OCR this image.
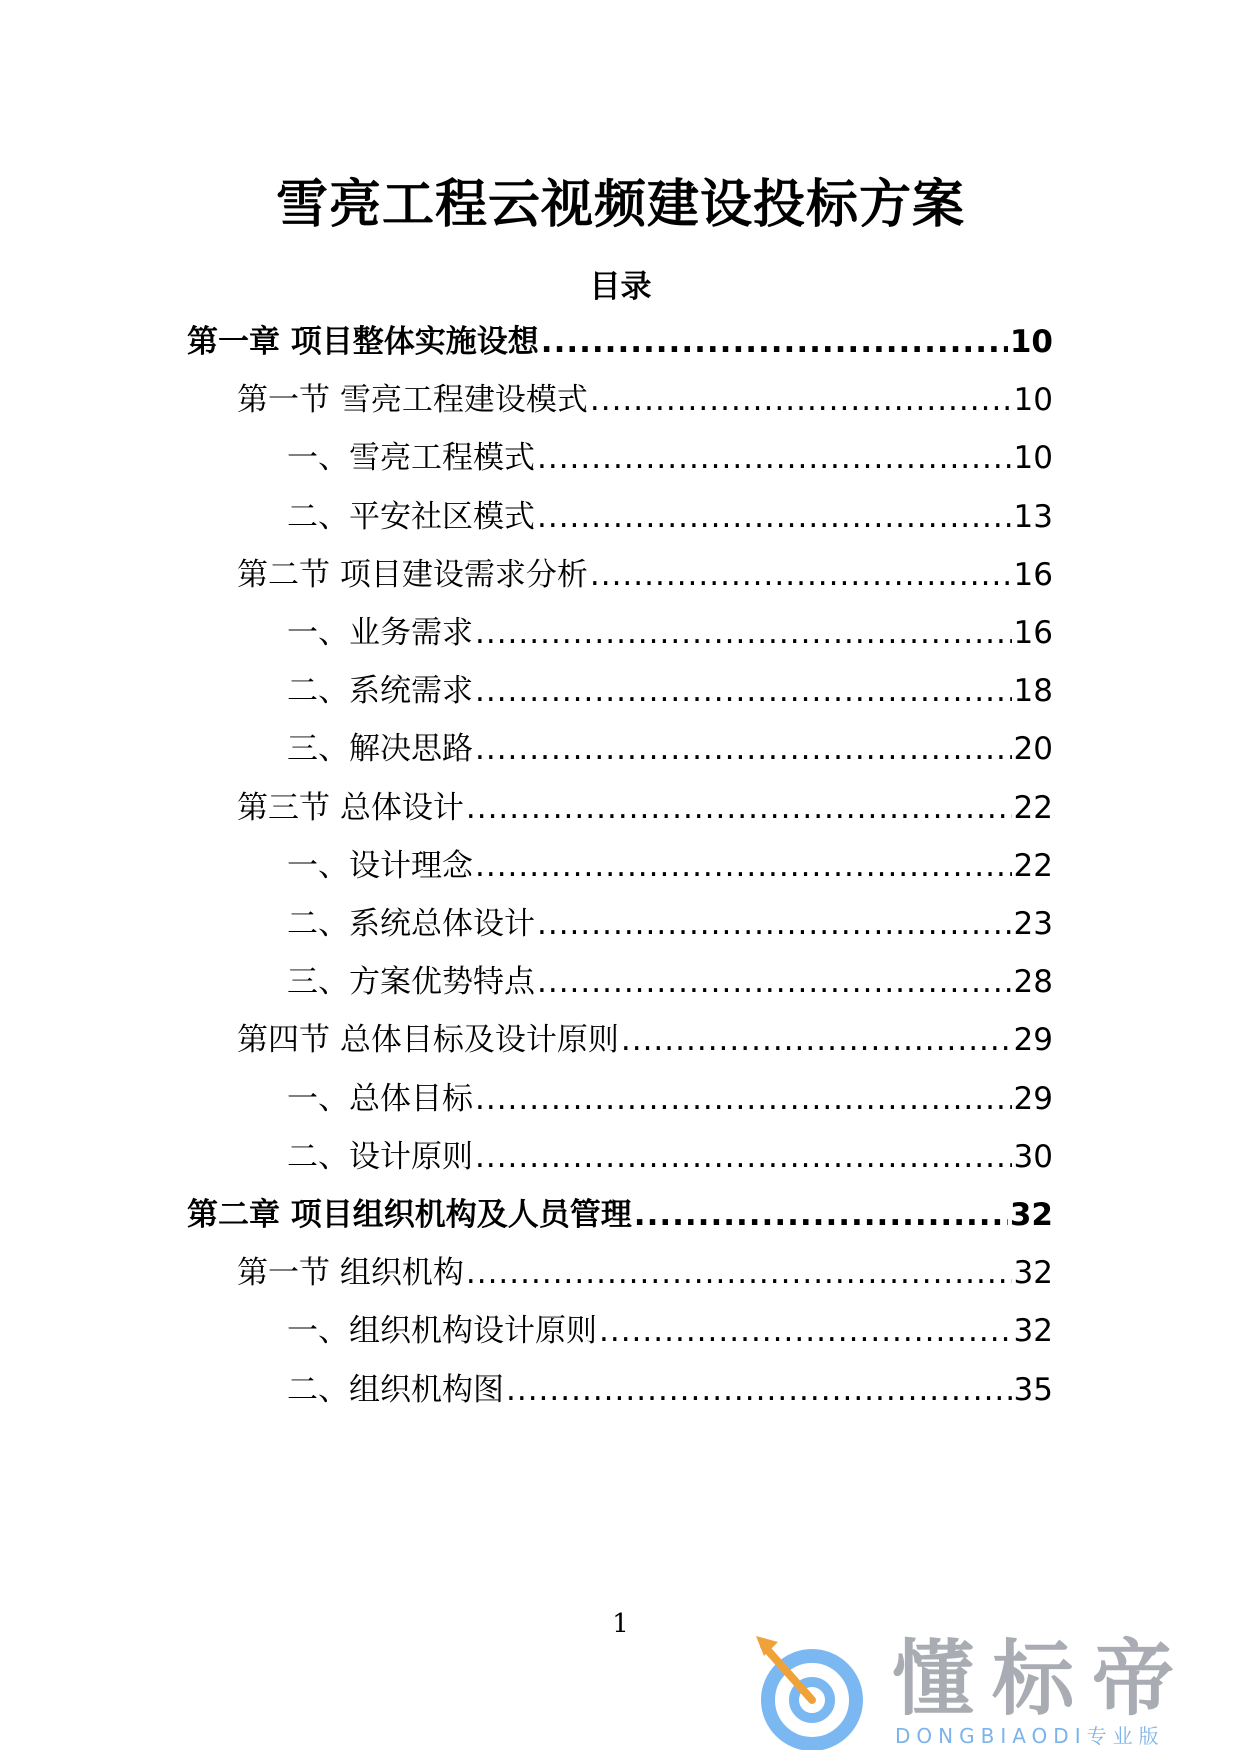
雪亮工程云视频建设投标方案
目录
第一章 项目整体实施设想 .....	10
第一节 雪亮工程建设模式 .....	10
一、雪亮工程模式 .....	10
二、平安社区模式 .....	13
第二节 项目建设需求分析 .....	16
一、业务需求 .....	16
二、系统需求 .....	18
三、解决思路 .....	20
第三节 总体设计 .....	22
一、设计理念 .....	22
二、系统总体设计 .....	23
三、方案优势特点 .....	28
第四节 总体目标及设计原则 .....	29
一、总体目标 .....	29
二、设计原则 .....	30
第二章 项目组织机构及人员管理 .....	32
第一节 组织机构 .....	32
一、组织机构设计原则 .....	32
二、组织机构图 .....	35
1
懂标帝
DONGBIAODI专业版
